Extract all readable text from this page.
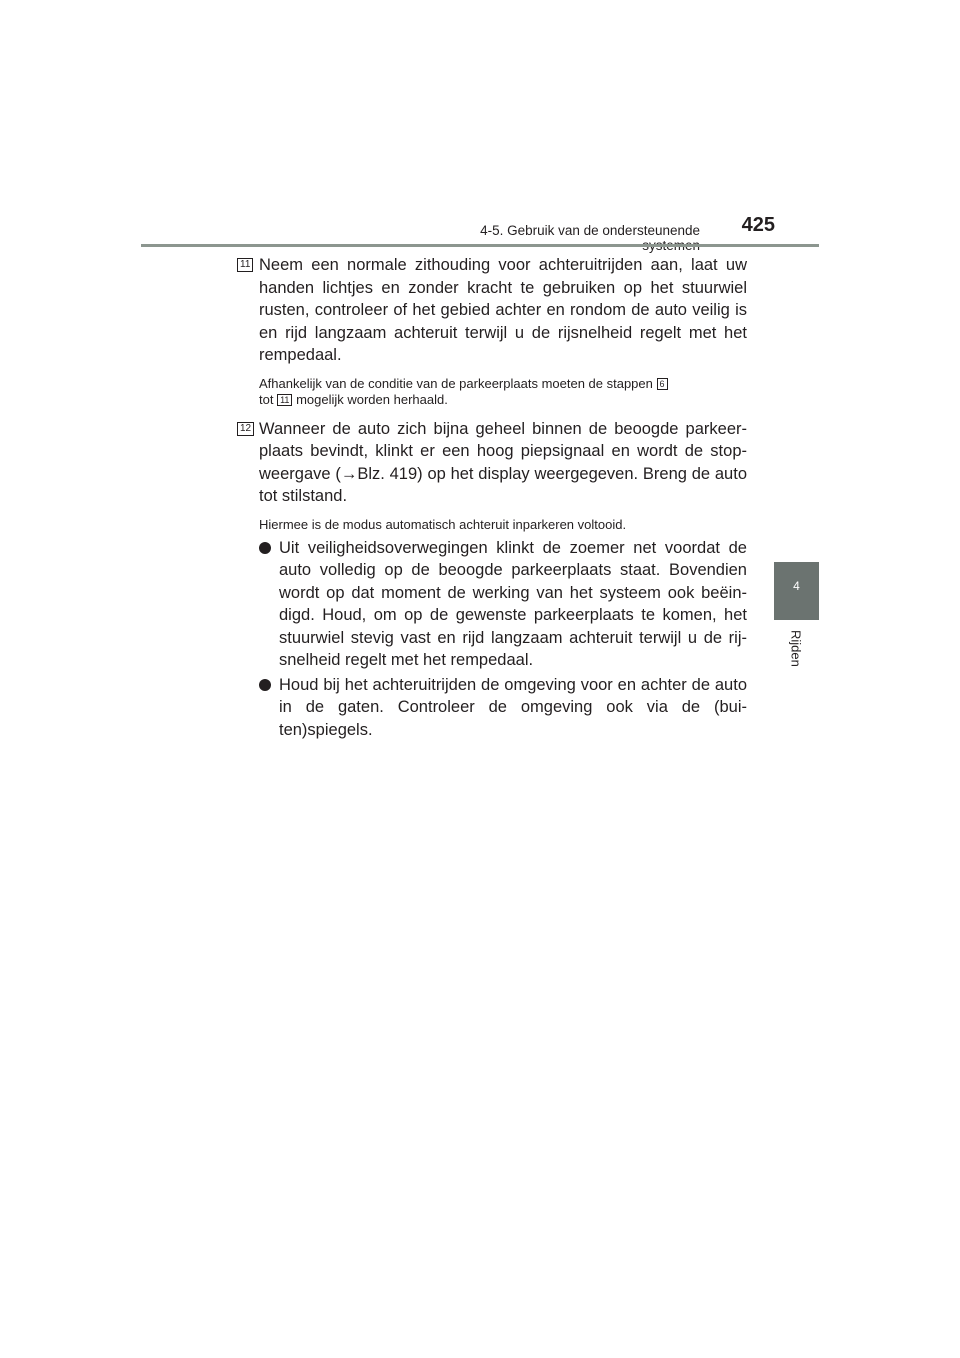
4-5. Gebruik van de ondersteunende	425
4
Rijden
11 Neem een normale zithouding voor achteruitrijden aan, laat uw handen lichtjes en zonder kracht te gebruiken op het stuurwiel rusten, controleer of het gebied achter en rondom de auto veilig is en rijd langzaam achteruit terwijl u de rijsnelheid regelt met het rempedaal.

Afhankelijk van de conditie van de parkeerplaats moeten de stappen 6
tot 11 mogelijk worden herhaald.

12 Wanneer de auto zich bijna geheel binnen de beoogde parkeer-plaats bevindt, klinkt er een hoog piepsignaal en wordt de stop-weergave (→Blz. 419) op het display weergegeven. Breng de auto tot stilstand.

Hiermee is de modus automatisch achteruit inparkeren voltooid.

Uit veiligheidsoverwegingen klinkt de zoemer net voordat de auto volledig op de beoogde parkeerplaats staat. Bovendien wordt op dat moment de werking van het systeem ook beëin-digd. Houd, om op de gewenste parkeerplaats te komen, het stuurwiel stevig vast en rijd langzaam achteruit terwijl u de rij-snelheid regelt met het rempedaal.

Houd bij het achteruitrijden de omgeving voor en achter de auto in de gaten. Controleer de omgeving ook via de (bui-ten)spiegels.
